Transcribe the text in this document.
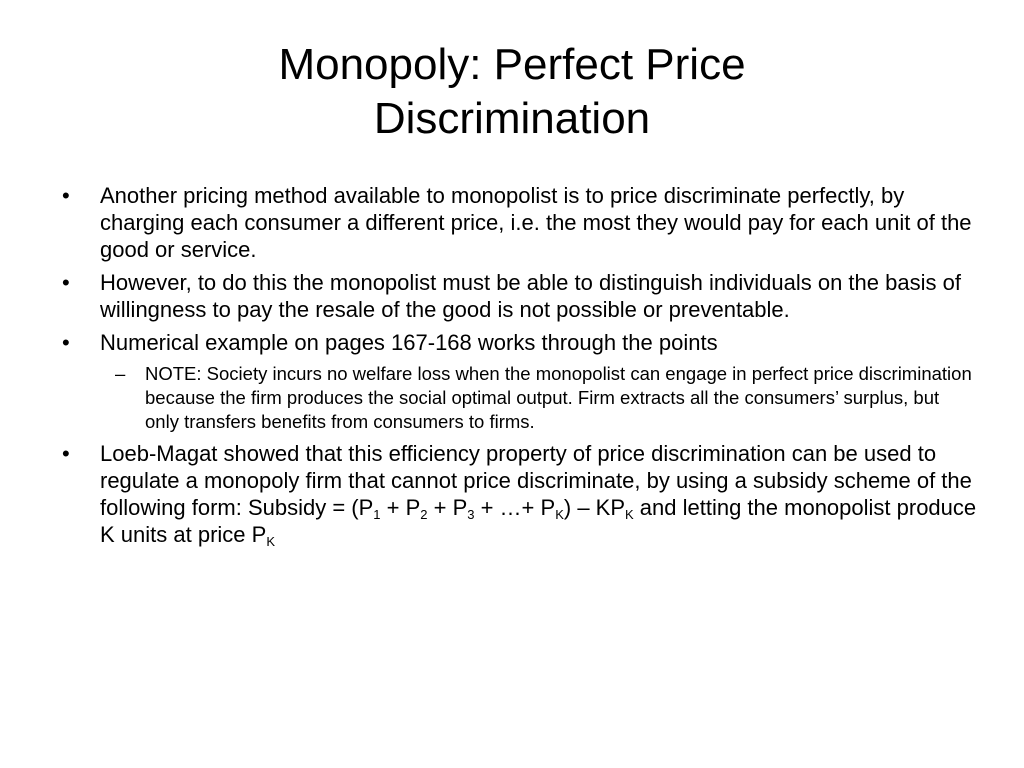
Monopoly: Perfect Price
Discrimination
• Another pricing method available to monopolist is to price discriminate perfectly, by charging each consumer a different price, i.e. the most they would pay for each unit of the good or service.
• However, to do this the monopolist must be able to distinguish individuals on the basis of willingness to pay the resale of the good is not possible or preventable.
• Numerical example on pages 167-168 works through the points
– NOTE: Society incurs no welfare loss when the monopolist can engage in perfect price discrimination because the firm produces the social optimal output. Firm extracts all the consumers’ surplus, but only transfers benefits from consumers to firms.
• Loeb-Magat showed that this efficiency property of price discrimination can be used to regulate a monopoly firm that cannot price discriminate, by using a subsidy scheme of the following form: Subsidy = ($P_1 + P_2 + P_3$ + …+ $P_K) - KP_K$ and letting the monopolist produce K units at price $P_K$
